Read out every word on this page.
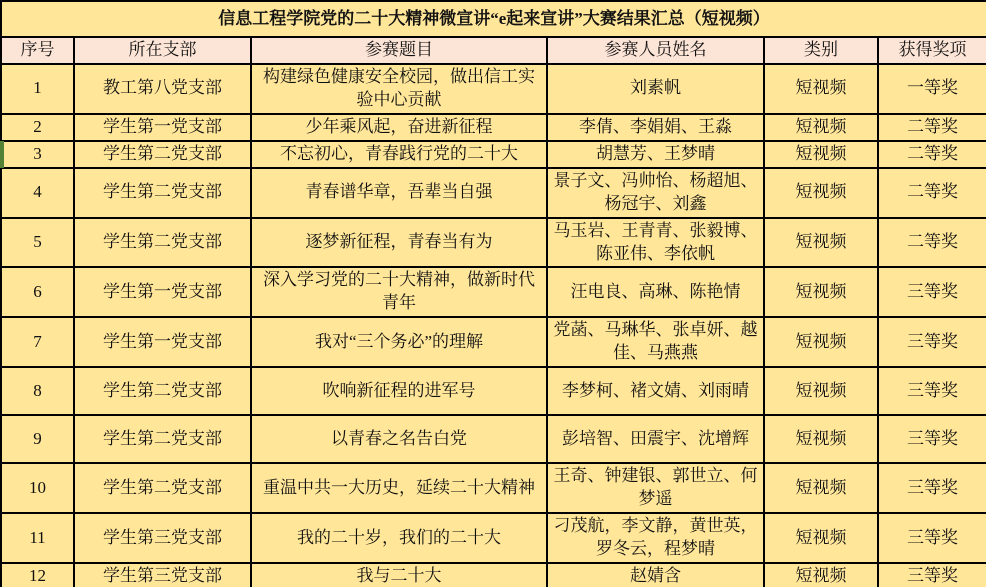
信息工程学院党的二十大精神微宣讲“e起来宣讲”大赛结果汇总（短视频）					
序号	所在支部	参赛题目	参赛人员姓名	类别	获得奖项
1	教工第八党支部	构建绿色健康安全校园，做出信工实验中心贡献	刘素帆	短视频	一等奖
2	学生第一党支部	少年乘风起，奋进新征程	李倩、李娟娟、王淼	短视频	二等奖
3	学生第二党支部	不忘初心，青春践行党的二十大	胡慧芳、王梦晴	短视频	二等奖
4	学生第二党支部	青春谱华章，吾辈当自强	景子文、冯帅怡、杨超旭、杨冠宇、刘鑫	短视频	二等奖
5	学生第二党支部	逐梦新征程，青春当有为	马玉岩、王青青、张毅博、陈亚伟、李依帆	短视频	二等奖
6	学生第一党支部	深入学习党的二十大精神，做新时代青年	汪电良、高琳、陈艳情	短视频	三等奖
7	学生第一党支部	我对“三个务必”的理解	党菡、马琳华、张卓妍、越佳、马燕燕	短视频	三等奖
8	学生第二党支部	吹响新征程的进军号	李梦柯、褚文婧、刘雨晴	短视频	三等奖
9	学生第二党支部	以青春之名告白党	彭培智、田震宇、沈增辉	短视频	三等奖
10	学生第二党支部	重温中共一大历史，延续二十大精神	王奇、钟建银、郭世立、何梦遥	短视频	三等奖
11	学生第三党支部	我的二十岁，我们的二十大	刁茂航，李文静，黄世英，罗冬云，程梦晴	短视频	三等奖
12	学生第三党支部	我与二十大	赵婧含	短视频	三等奖
